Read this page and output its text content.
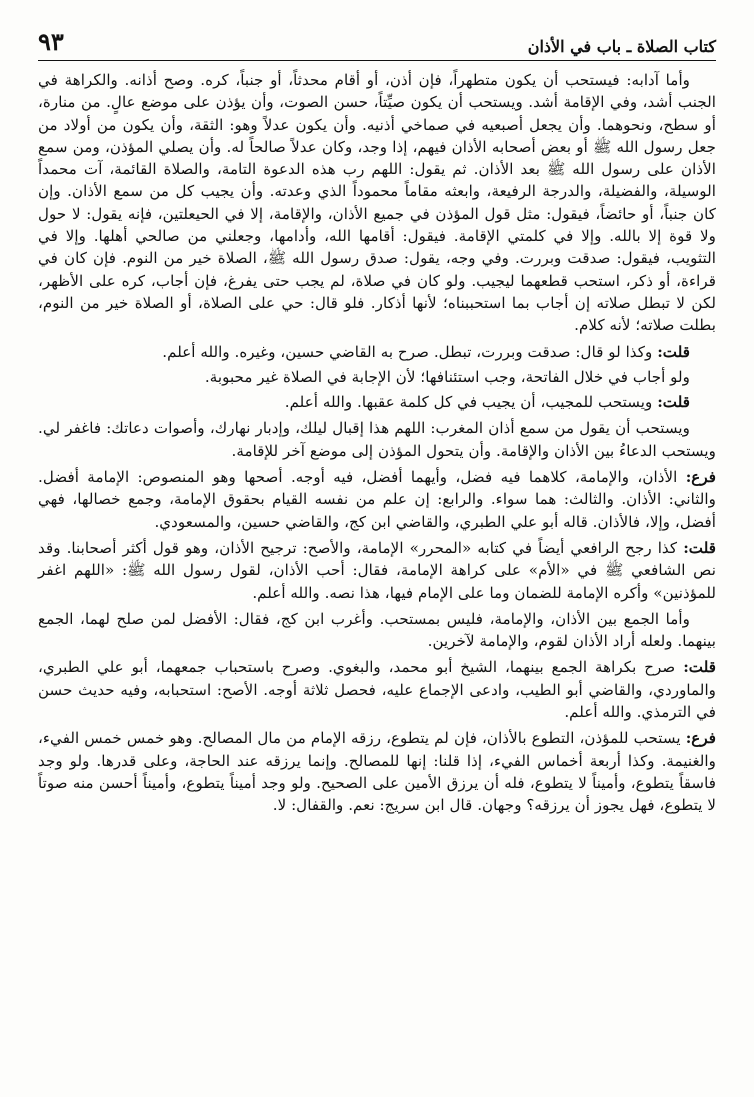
كتاب الصلاة ـ باب في الأذان
٩٣

وأما آدابه: فيستحب أن يكون متطهراً، فإن أذن، أو أقام محدثاً، أو جنباً، كره. وصح أذانه. والكراهة في الجنب أشد، وفي الإقامة أشد. ويستحب أن يكون صيِّتاً، حسن الصوت، وأن يؤذن على موضع عالٍ. من منارة، أو سطح، ونحوهما. وأن يجعل أصبعيه في صماخي أذنيه. وأن يكون عدلاً وهو: الثقة، وأن يكون من أولاد من جعل رسول الله ﷺ أو بعض أصحابه الأذان فيهم، إذا وجد، وكان عدلاً صالحاً له. وأن يصلي المؤذن، ومن سمع الأذان على رسول الله ﷺ بعد الأذان. ثم يقول: اللهم رب هذه الدعوة التامة، والصلاة القائمة، آت محمداً الوسيلة، والفضيلة، والدرجة الرفيعة، وابعثه مقاماً محموداً الذي وعدته. وأن يجيب كل من سمع الأذان. وإن كان جنباً، أو حائضاً، فيقول: مثل قول المؤذن في جميع الأذان، والإقامة، إلا في الحيعلتين، فإنه يقول: لا حول ولا قوة إلا بالله. وإلا في كلمتي الإقامة. فيقول: أقامها الله، وأدامها، وجعلني من صالحي أهلها. وإلا في التثويب، فيقول: صدقت وبررت. وفي وجه، يقول: صدق رسول الله ﷺ، الصلاة خير من النوم. فإن كان في قراءة، أو ذكر، استحب قطعهما ليجيب. ولو كان في صلاة، لم يجب حتى يفرغ، فإن أجاب، كره على الأظهر، لكن لا تبطل صلاته إن أجاب بما استحببناه؛ لأنها أذكار. فلو قال: حي على الصلاة، أو الصلاة خير من النوم، بطلت صلاته؛ لأنه كلام.

قلت: وكذا لو قال: صدقت وبررت، تبطل. صرح به القاضي حسين، وغيره. والله أعلم.

ولو أجاب في خلال الفاتحة، وجب استئنافها؛ لأن الإجابة في الصلاة غير محبوبة.

قلت: ويستحب للمجيب، أن يجيب في كل كلمة عقبها. والله أعلم.

ويستحب أن يقول من سمع أذان المغرب: اللهم هذا إقبال ليلك، وإدبار نهارك، وأصوات دعاتك: فاغفر لي. ويستحب الدعاءُ بين الأذان والإقامة. وأن يتحول المؤذن إلى موضع آخر للإقامة.

فرع: الأذان، والإمامة، كلاهما فيه فضل، وأيهما أفضل، فيه أوجه. أصحها وهو المنصوص: الإمامة أفضل. والثاني: الأذان. والثالث: هما سواء. والرابع: إن علم من نفسه القيام بحقوق الإمامة، وجمع خصالها، فهي أفضل، وإلا، فالأذان. قاله أبو علي الطبري، والقاضي ابن كج، والقاضي حسين، والمسعودي.

قلت: كذا رجح الرافعي أيضاً في كتابه «المحرر» الإمامة، والأصح: ترجيح الأذان، وهو قول أكثر أصحابنا. وقد نص الشافعي ﷺ في «الأم» على كراهة الإمامة، فقال: أحب الأذان، لقول رسول الله ﷺ: «اللهم اغفر للمؤذنين» وأكره الإمامة للضمان وما على الإمام فيها، هذا نصه. والله أعلم.

وأما الجمع بين الأذان، والإمامة، فليس بمستحب. وأغرب ابن كج، فقال: الأفضل لمن صلح لهما، الجمع بينهما. ولعله أراد الأذان لقوم، والإمامة لآخرين.

قلت: صرح بكراهة الجمع بينهما، الشيخ أبو محمد، والبغوي. وصرح باستحباب جمعهما، أبو علي الطبري، والماوردي، والقاضي أبو الطيب، وادعى الإجماع عليه، فحصل ثلاثة أوجه. الأصح: استحبابه، وفيه حديث حسن في الترمذي. والله أعلم.

فرع: يستحب للمؤذن، التطوع بالأذان، فإن لم يتطوع، رزقه الإمام من مال المصالح. وهو خمس خمس الفيء، والغنيمة. وكذا أربعة أخماس الفيء، إذا قلنا: إنها للمصالح. وإنما يرزقه عند الحاجة، وعلى قدرها. ولو وجد فاسقاً يتطوع، وأميناً لا يتطوع، فله أن يرزق الأمين على الصحيح. ولو وجد أميناً يتطوع، وأميناً أحسن منه صوتاً لا يتطوع، فهل يجوز أن يرزقه؟ وجهان. قال ابن سريج: نعم. والقفال: لا.
